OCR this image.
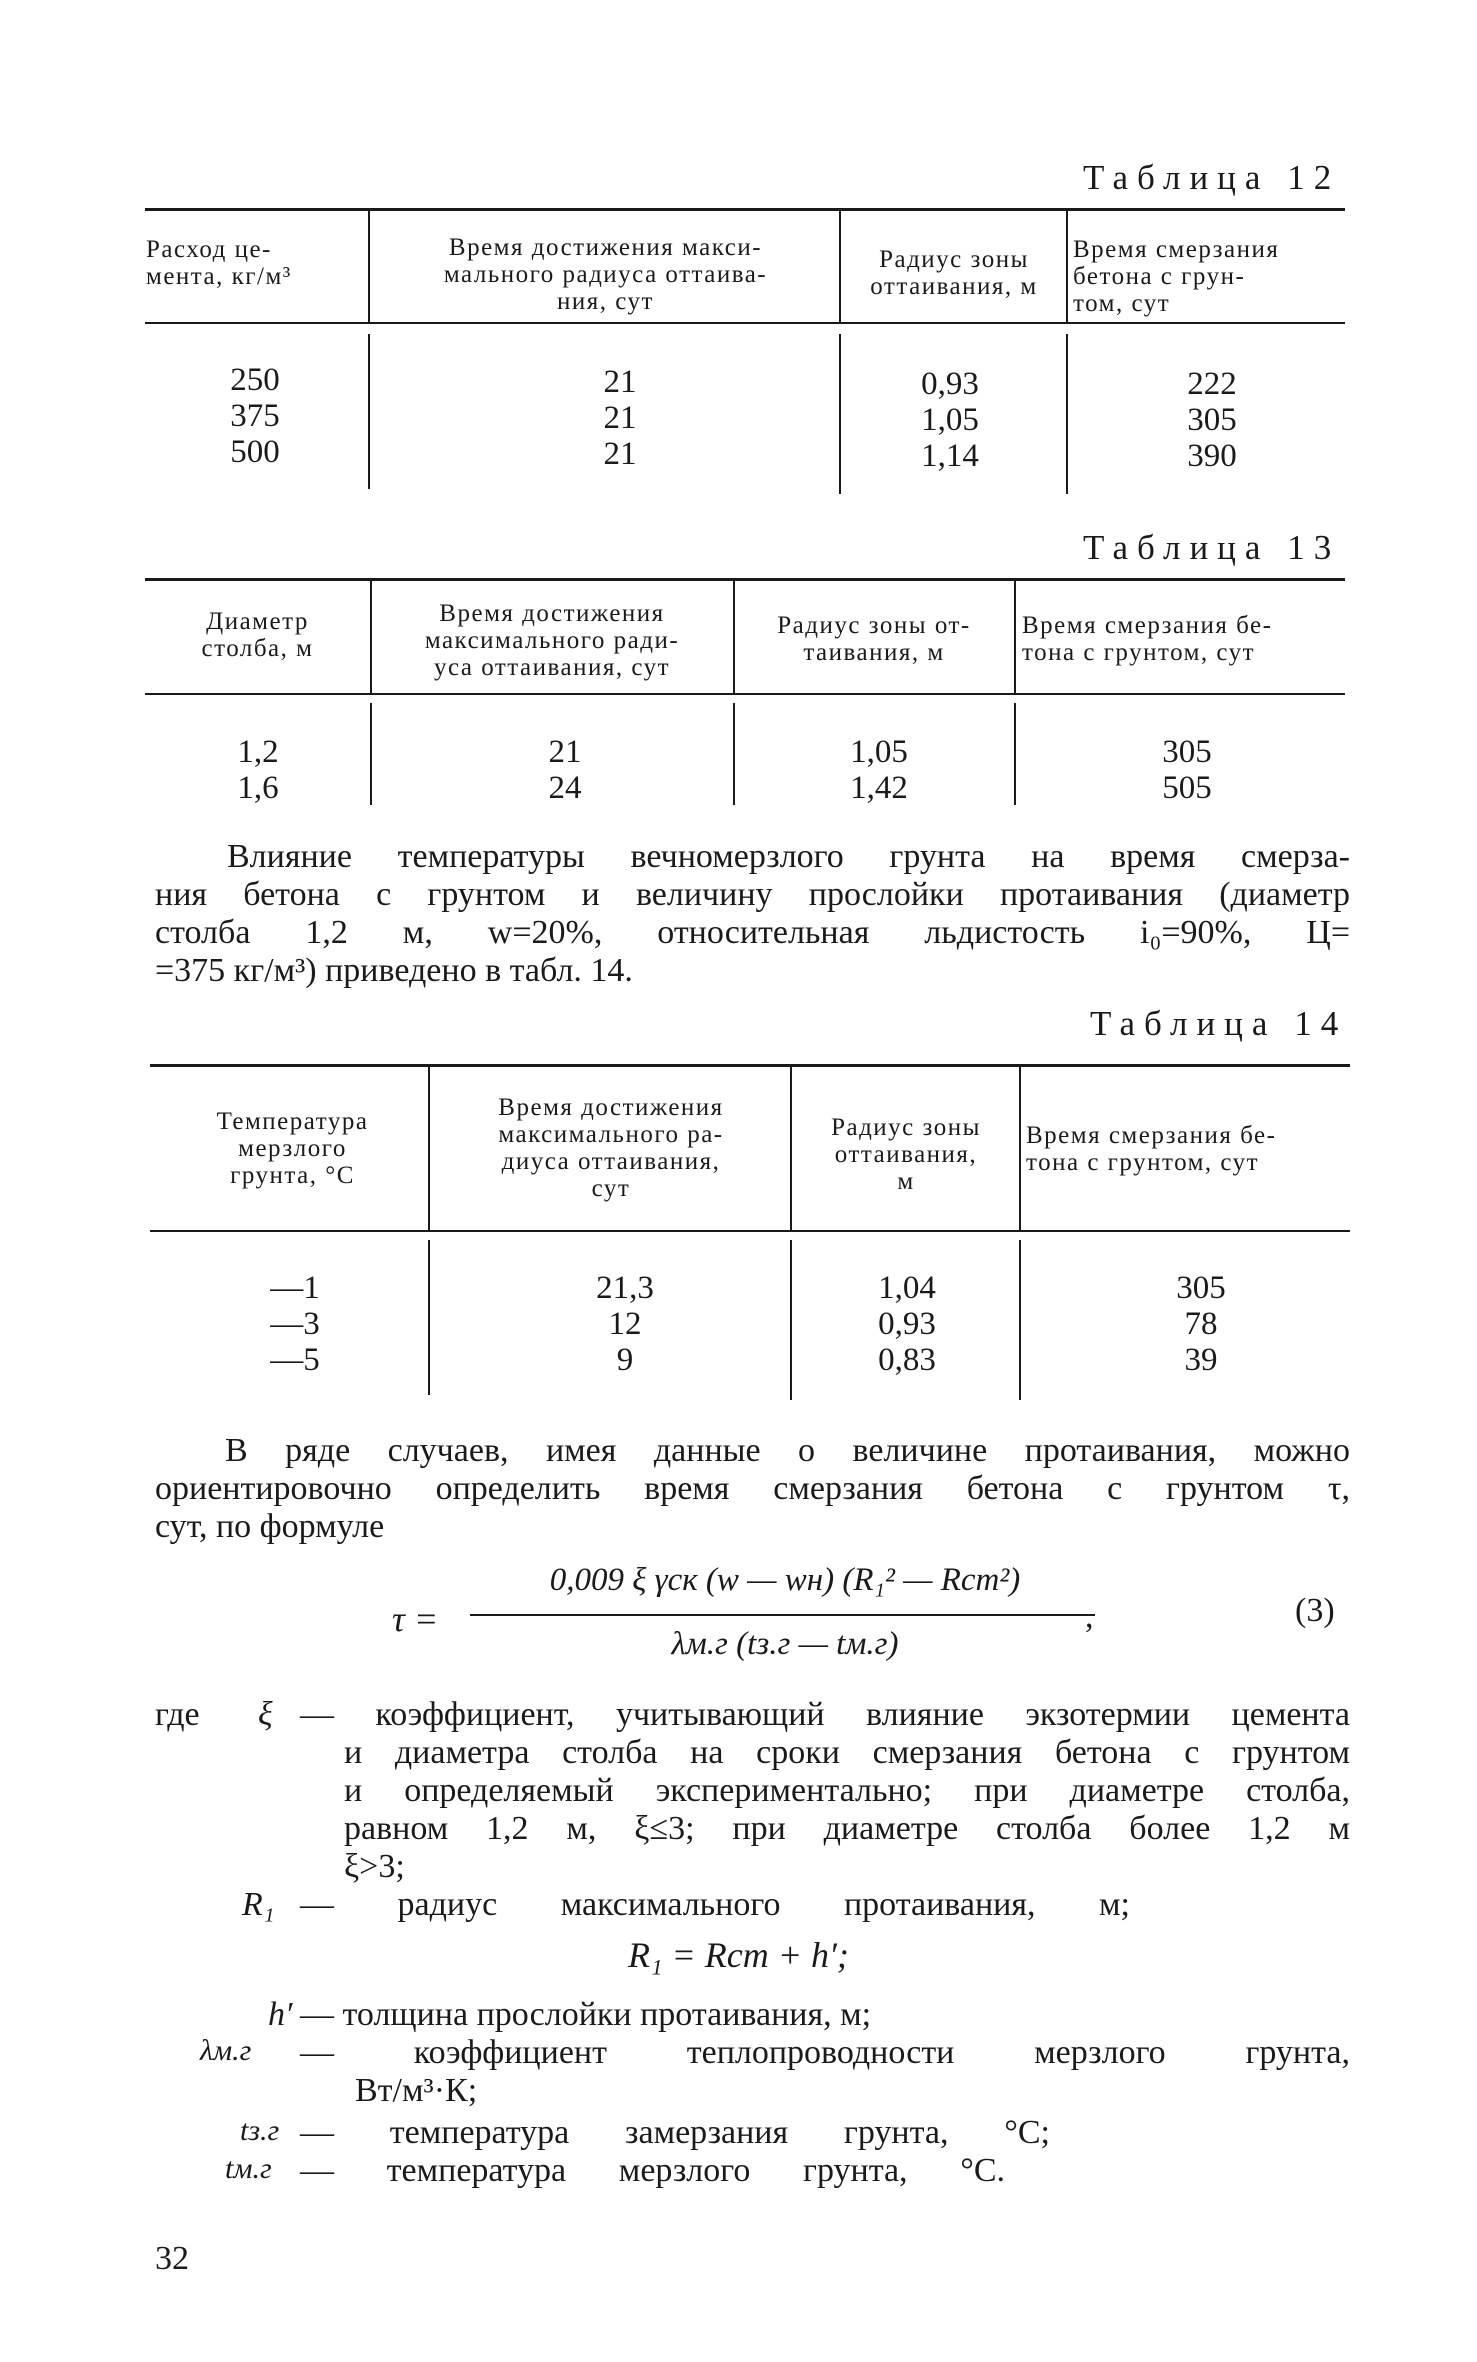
Таблица 12
Расход це-
мента, кг/м³
Время достижения макси-
мального радиуса оттаива-
ния, сут
Радиус зоны
оттаивания, м
Время смерзания
бетона с грун-
том, сут
250
375
500
21
21
21
0,93
1,05
1,14
222
305
390
Таблица 13
Диаметр
столба, м
Время достижения
максимального ради-
уса оттаивания, сут
Радиус зоны от-
таивания, м
Время смерзания бе-
тона с грунтом, сут
1,2
1,6
21
24
1,05
1,42
305
505
Влияние температуры вечномерзлого грунта на время смерза-
ния бетона с грунтом и величину прослойки протаивания (диаметр
столба 1,2 м, w=20%, относительная льдистость i₀=90%, Ц=
=375 кг/м³) приведено в табл. 14.
Таблица 14
Температура
мерзлого
грунта, °С
Время достижения
максимального ра-
диуса оттаивания,
сут
Радиус зоны
оттаивания,
м
Время смерзания бе-
тона с грунтом, сут
—1
—3
—5
21,3
12
9
1,04
0,93
0,83
305
78
39
В ряде случаев, имея данные о величине протаивания, можно
ориентировочно определить время смерзания бетона с грунтом τ,
сут, по формуле
τ =
0,009 ξ γск (w — wн) (R₁² — Rст²)
λм.г (tз.г — tм.г)
,	(3)
где ξ — коэффициент, учитывающий влияние экзотермии цемента
и диаметра столба на сроки смерзания бетона с грунтом
и определяемый экспериментально; при диаметре столба,
равном 1,2 м, ξ≤3; при диаметре столба более 1,2 м
ξ>3;
R₁ — радиус максимального протаивания, м;
R₁ = Rст + h′;
h′ — толщина прослойки протаивания, м;
λм.г — коэффициент теплопроводности мерзлого грунта,
Вт/м³·К;
tз.г — температура замерзания грунта, °С;
tм.г — температура мерзлого грунта, °С.
32
